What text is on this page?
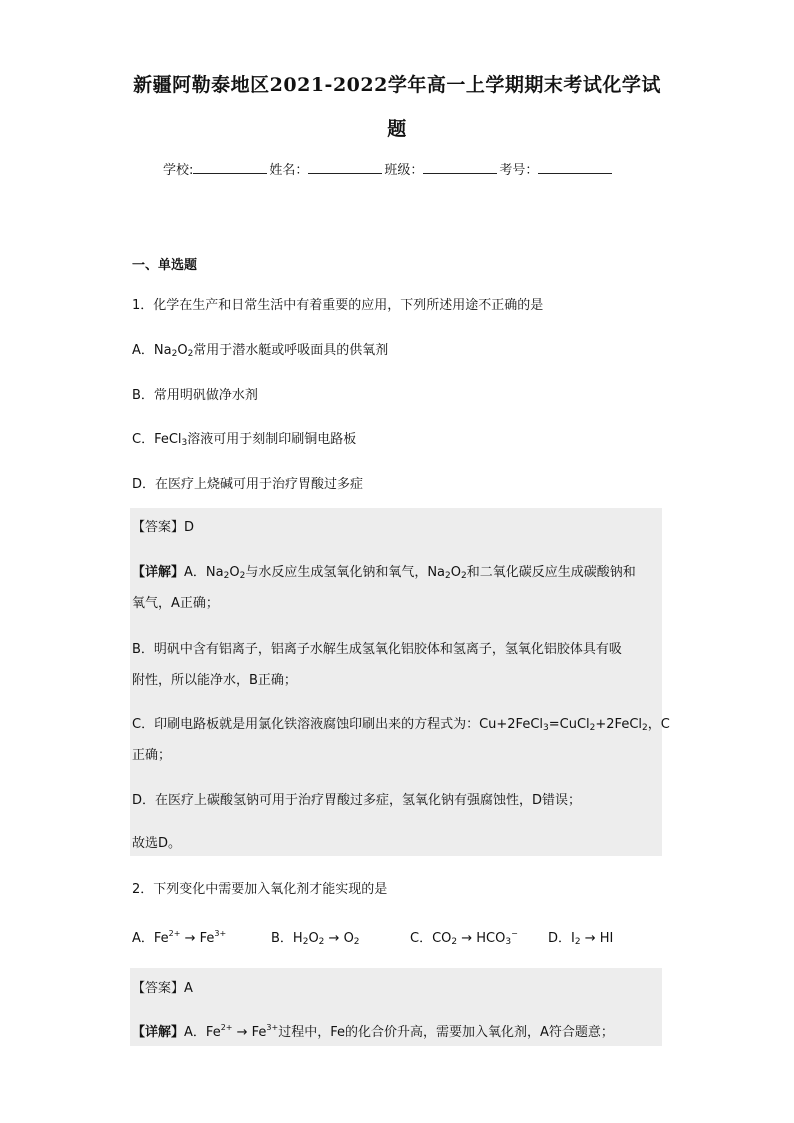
新疆阿勒泰地区2021-2022学年高一上学期期末考试化学试
题
学校:	姓名：	班级：	考号：
一、单选题
1．化学在生产和日常生活中有着重要的应用，下列所述用途不正确的是
A．$Na_2O_2$常用于潜水艇或呼吸面具的供氧剂
B．常用明矾做净水剂
C．FeCl$_3$溶液可用于刻制印刷铜电路板
D．在医疗上烧碱可用于治疗胃酸过多症
【答案】D
【详解】A．$Na_2O_2$与水反应生成氢氧化钠和氧气，$Na_2O_2$和二氧化碳反应生成碳酸钠和
氧气，A正确；
B．明矾中含有铝离子，铝离子水解生成氢氧化铝胶体和氢离子，氢氧化铝胶体具有吸
附性，所以能净水，B正确；
C．印刷电路板就是用氯化铁溶液腐蚀印刷出来的方程式为：Cu+2FeCl$_3$=CuCl$_2$+2FeCl$_2$，C
正确；
D．在医疗上碳酸氢钠可用于治疗胃酸过多症，氢氧化钠有强腐蚀性，D错误；
故选D。
2．下列变化中需要加入氧化剂才能实现的是
A．$Fe^{2+} \to Fe^{3+}$	B．$H_2O_2 \to O_2$	C．$CO_2 \to HCO_3^-$ D．$I_2$ → HI
【答案】A
【详解】A．$Fe^{2+} \to Fe^{3+}$过程中，Fe的化合价升高，需要加入氧化剂，A符合题意；
